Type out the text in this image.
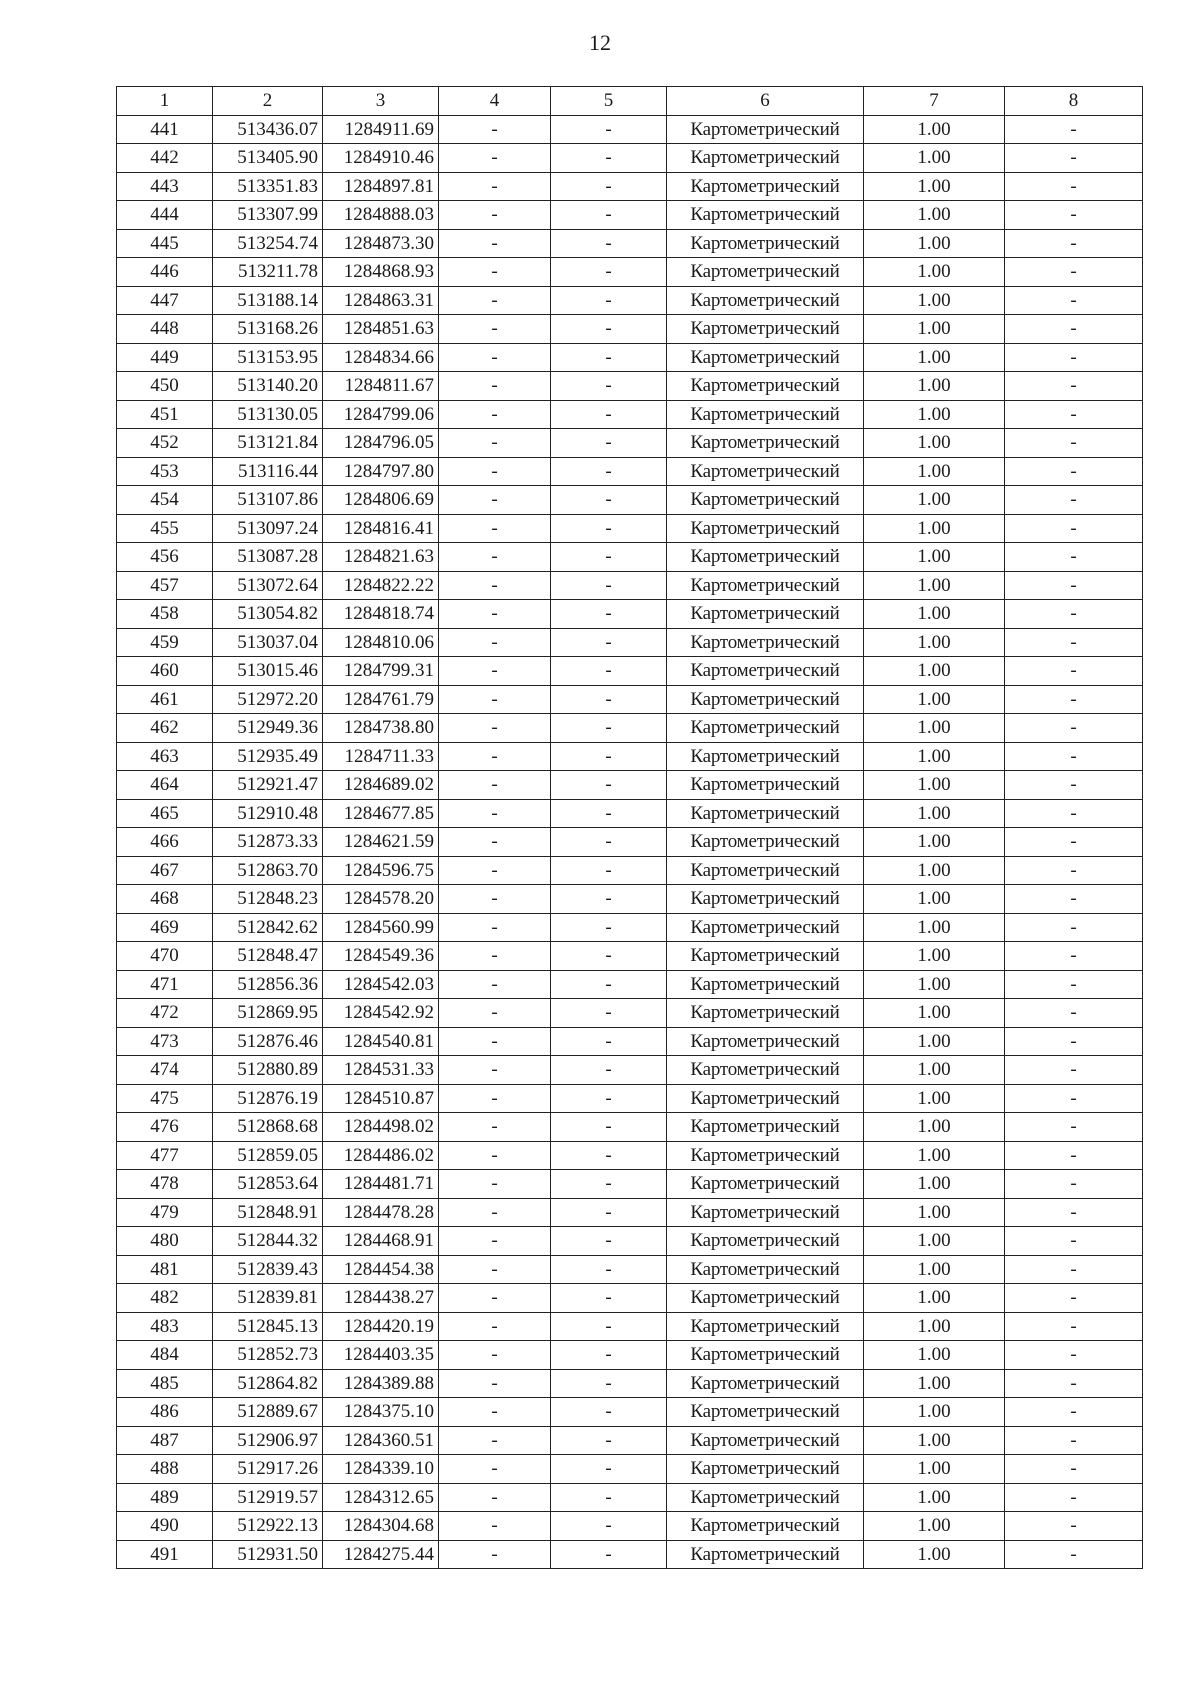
12
1	2	3	4	5	6	7	8
441	513436.07	1284911.69	-	-	Картометрический	1.00	-
442	513405.90	1284910.46	-	-	Картометрический	1.00	-
443	513351.83	1284897.81	-	-	Картометрический	1.00	-
444	513307.99	1284888.03	-	-	Картометрический	1.00	-
445	513254.74	1284873.30	-	-	Картометрический	1.00	-
446	513211.78	1284868.93	-	-	Картометрический	1.00	-
447	513188.14	1284863.31	-	-	Картометрический	1.00	-
448	513168.26	1284851.63	-	-	Картометрический	1.00	-
449	513153.95	1284834.66	-	-	Картометрический	1.00	-
450	513140.20	1284811.67	-	-	Картометрический	1.00	-
451	513130.05	1284799.06	-	-	Картометрический	1.00	-
452	513121.84	1284796.05	-	-	Картометрический	1.00	-
453	513116.44	1284797.80	-	-	Картометрический	1.00	-
454	513107.86	1284806.69	-	-	Картометрический	1.00	-
455	513097.24	1284816.41	-	-	Картометрический	1.00	-
456	513087.28	1284821.63	-	-	Картометрический	1.00	-
457	513072.64	1284822.22	-	-	Картометрический	1.00	-
458	513054.82	1284818.74	-	-	Картометрический	1.00	-
459	513037.04	1284810.06	-	-	Картометрический	1.00	-
460	513015.46	1284799.31	-	-	Картометрический	1.00	-
461	512972.20	1284761.79	-	-	Картометрический	1.00	-
462	512949.36	1284738.80	-	-	Картометрический	1.00	-
463	512935.49	1284711.33	-	-	Картометрический	1.00	-
464	512921.47	1284689.02	-	-	Картометрический	1.00	-
465	512910.48	1284677.85	-	-	Картометрический	1.00	-
466	512873.33	1284621.59	-	-	Картометрический	1.00	-
467	512863.70	1284596.75	-	-	Картометрический	1.00	-
468	512848.23	1284578.20	-	-	Картометрический	1.00	-
469	512842.62	1284560.99	-	-	Картометрический	1.00	-
470	512848.47	1284549.36	-	-	Картометрический	1.00	-
471	512856.36	1284542.03	-	-	Картометрический	1.00	-
472	512869.95	1284542.92	-	-	Картометрический	1.00	-
473	512876.46	1284540.81	-	-	Картометрический	1.00	-
474	512880.89	1284531.33	-	-	Картометрический	1.00	-
475	512876.19	1284510.87	-	-	Картометрический	1.00	-
476	512868.68	1284498.02	-	-	Картометрический	1.00	-
477	512859.05	1284486.02	-	-	Картометрический	1.00	-
478	512853.64	1284481.71	-	-	Картометрический	1.00	-
479	512848.91	1284478.28	-	-	Картометрический	1.00	-
480	512844.32	1284468.91	-	-	Картометрический	1.00	-
481	512839.43	1284454.38	-	-	Картометрический	1.00	-
482	512839.81	1284438.27	-	-	Картометрический	1.00	-
483	512845.13	1284420.19	-	-	Картометрический	1.00	-
484	512852.73	1284403.35	-	-	Картометрический	1.00	-
485	512864.82	1284389.88	-	-	Картометрический	1.00	-
486	512889.67	1284375.10	-	-	Картометрический	1.00	-
487	512906.97	1284360.51	-	-	Картометрический	1.00	-
488	512917.26	1284339.10	-	-	Картометрический	1.00	-
489	512919.57	1284312.65	-	-	Картометрический	1.00	-
490	512922.13	1284304.68	-	-	Картометрический	1.00	-
491	512931.50	1284275.44	-	-	Картометрический	1.00	-
